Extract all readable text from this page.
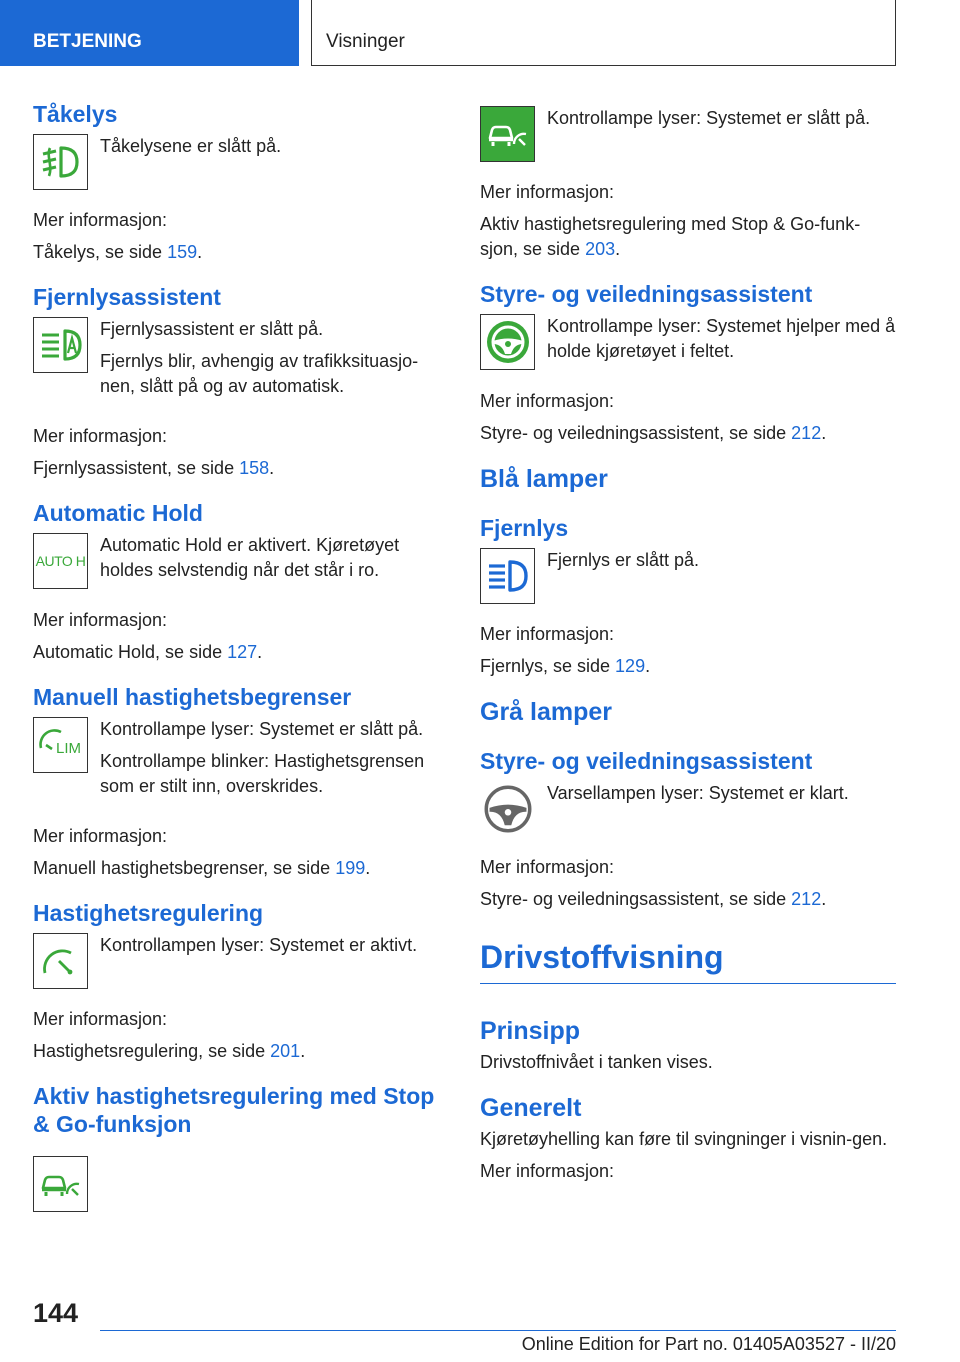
BETJENING	Visninger
Tåkelys

Tåkelysene er slått på.

Mer informasjon:

Tåkelys, se side 159.

Fjernlysassistent

Fjernlysassistent er slått på.

Fjernlys blir, avhengig av trafikksituasjo‐nen, slått på og av automatisk.

Mer informasjon:

Fjernlysassistent, se side 158.

Automatic Hold
AUTO H

Automatic Hold er aktivert. Kjøretøyet holdes selvstendig når det står i ro.

Mer informasjon:

Automatic Hold, se side 127.

Manuell hastighetsbegrenser
LIM

Kontrollampe lyser: Systemet er slått på.

Kontrollampe blinker: Hastighetsgrensen som er stilt inn, overskrides.

Mer informasjon:

Manuell hastighetsbegrenser, se side 199.

Hastighetsregulering

Kontrollampen lyser: Systemet er aktivt.

Mer informasjon:

Hastighetsregulering, se side 201.

Aktiv hastighetsregulering med Stop & Go-funksjon

Kontrollampe lyser: Systemet er slått på.

Mer informasjon:

Aktiv hastighetsregulering med Stop & Go-funk‐sjon, se side 203.

Styre- og veiledningsassistent

Kontrollampe lyser: Systemet hjelper med å holde kjøretøyet i feltet.

Mer informasjon:

Styre- og veiledningsassistent, se side 212.

Blå lamper
Fjernlys

Fjernlys er slått på.

Mer informasjon:

Fjernlys, se side 129.

Grå lamper
Styre- og veiledningsassistent

Varsellampen lyser: Systemet er klart.

Mer informasjon:

Styre- og veiledningsassistent, se side 212.

Drivstoffvisning
Prinsipp

Drivstoffnivået i tanken vises.

Generelt

Kjøretøyhelling kan føre til svingninger i visnin‐gen.

Mer informasjon:

144
Online Edition for Part no. 01405A03527 - II/20
